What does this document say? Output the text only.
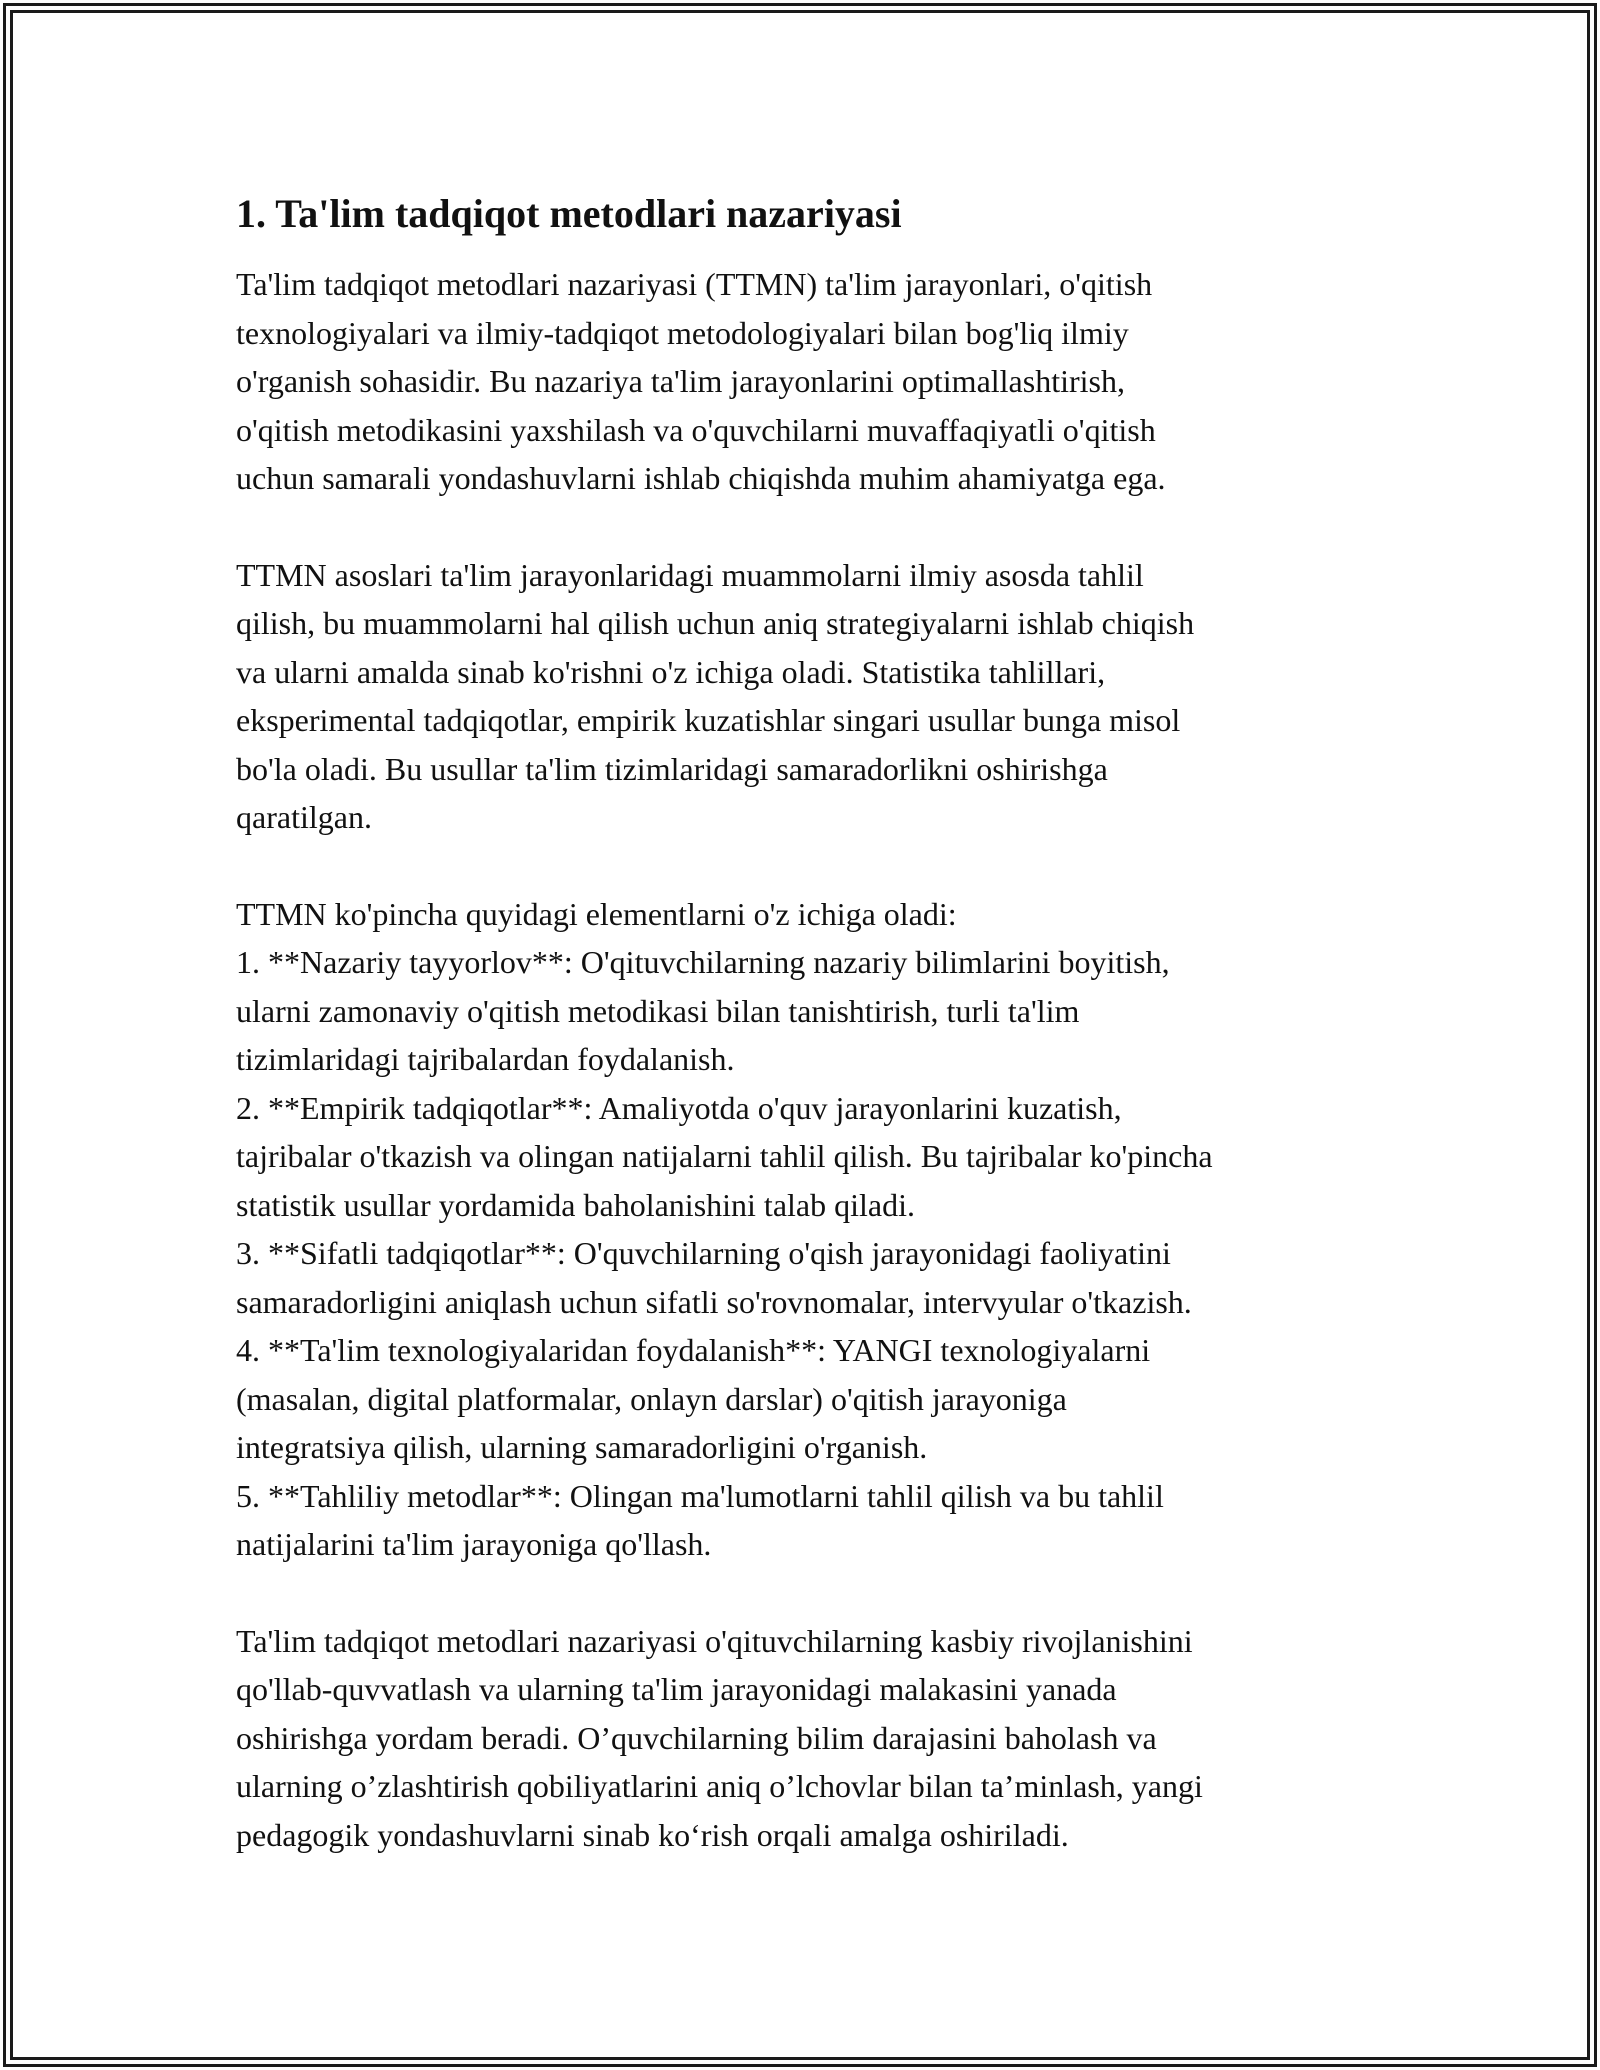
1. Ta'lim tadqiqot metodlari nazariyasi
Ta'lim tadqiqot metodlari nazariyasi (TTMN) ta'lim jarayonlari, o'qitish
texnologiyalari va ilmiy-tadqiqot metodologiyalari bilan bog'liq ilmiy
o'rganish sohasidir. Bu nazariya ta'lim jarayonlarini optimallashtirish,
o'qitish metodikasini yaxshilash va o'quvchilarni muvaffaqiyatli o'qitish
uchun samarali yondashuvlarni ishlab chiqishda muhim ahamiyatga ega.
TTMN asoslari ta'lim jarayonlaridagi muammolarni ilmiy asosda tahlil
qilish, bu muammolarni hal qilish uchun aniq strategiyalarni ishlab chiqish
va ularni amalda sinab ko'rishni o'z ichiga oladi. Statistika tahlillari,
eksperimental tadqiqotlar, empirik kuzatishlar singari usullar bunga misol
bo'la oladi. Bu usullar ta'lim tizimlaridagi samaradorlikni oshirishga
qaratilgan.
TTMN ko'pincha quyidagi elementlarni o'z ichiga oladi:
1. **Nazariy tayyorlov**: O'qituvchilarning nazariy bilimlarini boyitish,
ularni zamonaviy o'qitish metodikasi bilan tanishtirish, turli ta'lim
tizimlaridagi tajribalardan foydalanish.
2. **Empirik tadqiqotlar**: Amaliyotda o'quv jarayonlarini kuzatish,
tajribalar o'tkazish va olingan natijalarni tahlil qilish. Bu tajribalar ko'pincha
statistik usullar yordamida baholanishini talab qiladi.
3. **Sifatli tadqiqotlar**: O'quvchilarning o'qish jarayonidagi faoliyatini
samaradorligini aniqlash uchun sifatli so'rovnomalar, intervyular o'tkazish.
4. **Ta'lim texnologiyalaridan foydalanish**: YANGI texnologiyalarni
(masalan, digital platformalar, onlayn darslar) o'qitish jarayoniga
integratsiya qilish, ularning samaradorligini o'rganish.
5. **Tahliliy metodlar**: Olingan ma'lumotlarni tahlil qilish va bu tahlil
natijalarini ta'lim jarayoniga qo'llash.
Ta'lim tadqiqot metodlari nazariyasi o'qituvchilarning kasbiy rivojlanishini
qo'llab-quvvatlash va ularning ta'lim jarayonidagi malakasini yanada
oshirishga yordam beradi. O’quvchilarning bilim darajasini baholash va
ularning o’zlashtirish qobiliyatlarini aniq o’lchovlar bilan ta’minlash, yangi
pedagogik yondashuvlarni sinab ko‘rish orqali amalga oshiriladi.
